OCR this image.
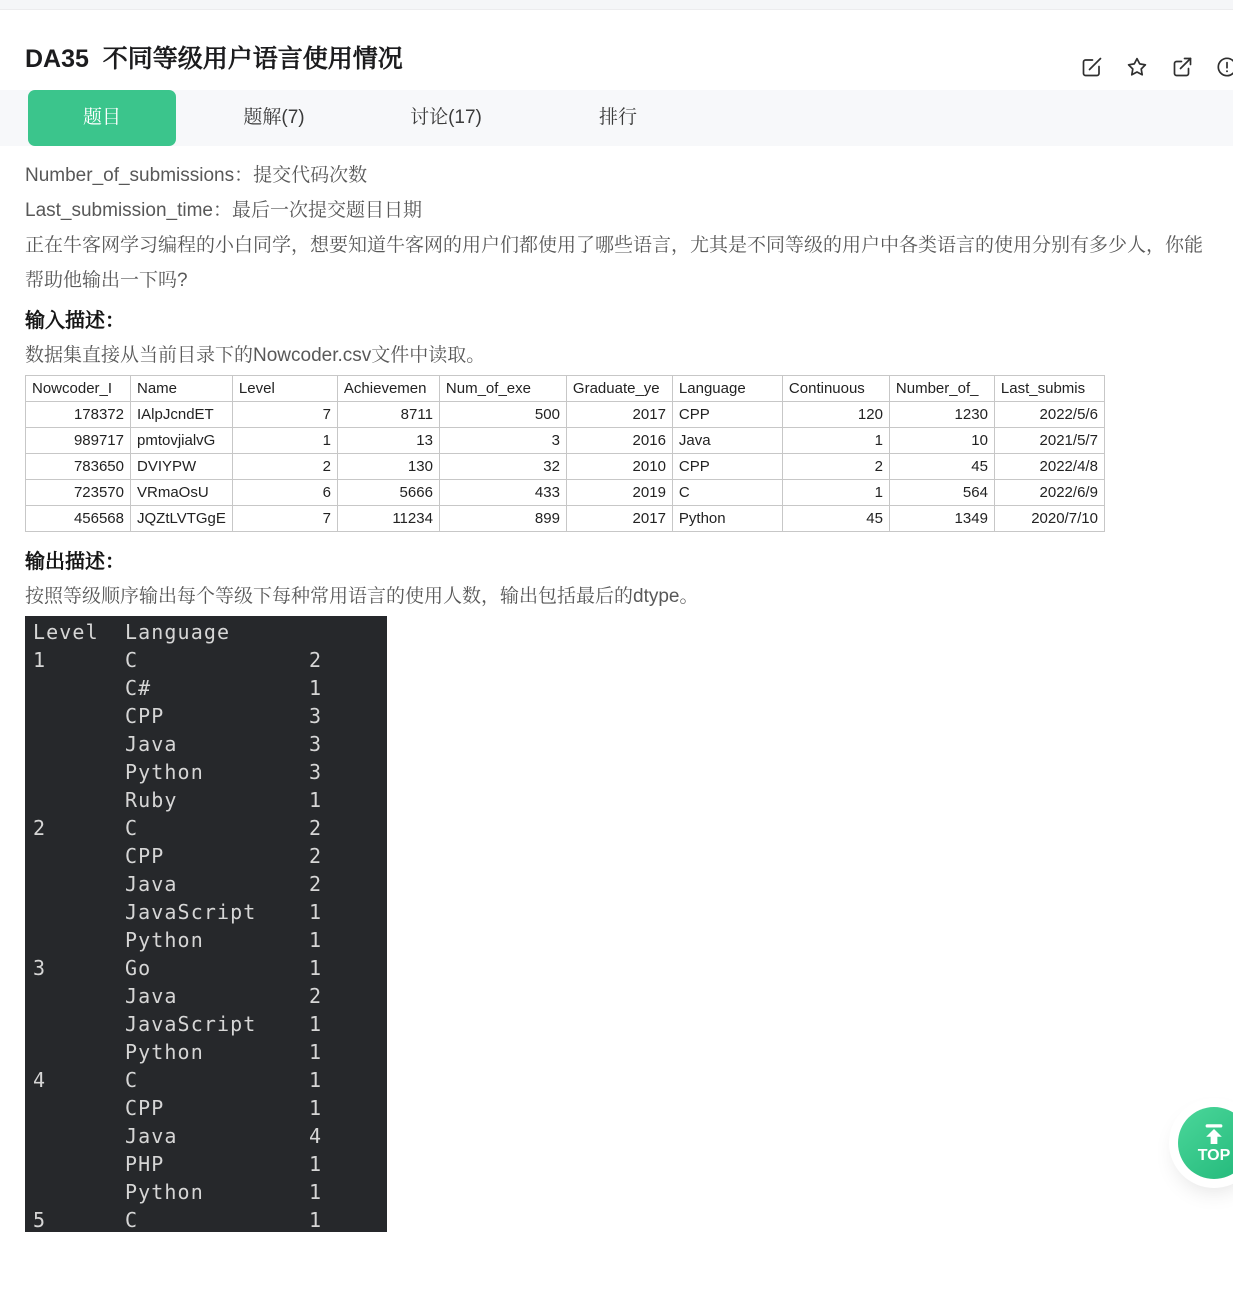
DA35  不同等级用户语言使用情况
题目	题解(7)	讨论(17)	排行
Number_of_submissions：提交代码次数
Last_submission_time：最后一次提交题目日期
正在牛客网学习编程的小白同学，想要知道牛客网的用户们都使用了哪些语言，尤其是不同等级的用户中各类语言的使用分别有多少人，你能帮助他输出一下吗?
输入描述：
数据集直接从当前目录下的Nowcoder.csv文件中读取。
Nowcoder_I	Name	Level	Achievemen	Num_of_exe	Graduate_ye	Language	Continuous	Number_of_	Last_submis
178372	IAlpJcndET	7	8711	500	2017	CPP	120	1230	2022/5/6
989717	pmtovjialvG	1	13	3	2016	Java	1	10	2021/5/7
783650	DVIYPW	2	130	32	2010	CPP	2	45	2022/4/8
723570	VRmaOsU	6	5666	433	2019	C	1	564	2022/6/9
456568	JQZtLVTGgE	7	11234	899	2017	Python	45	1349	2020/7/10
输出描述：
按照等级顺序输出每个等级下每种常用语言的使用人数，输出包括最后的dtype。
Level  Language
1      C             2
C#            1
CPP           3
Java          3
Python        3
Ruby          1
2      C             2
CPP           2
Java          2
JavaScript    1
Python        1
3      Go            1
Java          2
JavaScript    1
Python        1
4      C             1
CPP           1
Java          4
PHP           1
Python        1
5      C             1
TOP
